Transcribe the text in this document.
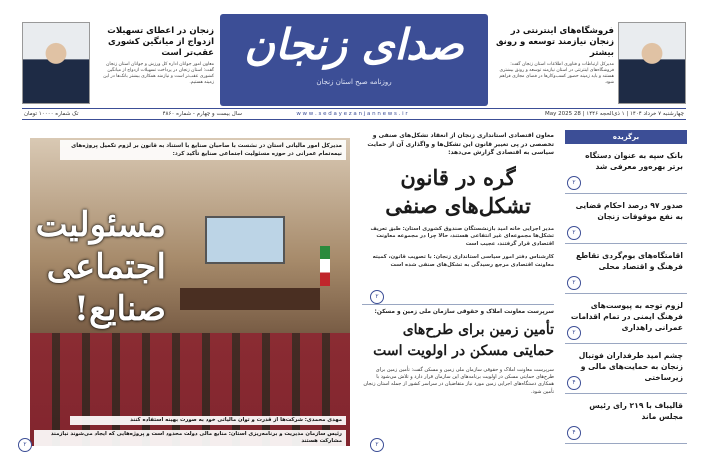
زنجان در اعطای تسهیلات ازدواج از میانگین کشوری عقب‌تر است
معاون امور جوانان اداره کل ورزش و جوانان استان زنجان گفت: استان زنجان در پرداخت تسهیلات ازدواج از میانگین کشوری عقب‌تر است و نیازمند همکاری بیشتر بانک‌ها در این زمینه هستیم.
صدای زنجان
روزنامه صبح استان زنجان
فروشگاه‌های اینترنتی در زنجان نیازمند توسعه و رونق بیشتر
مدیرکل ارتباطات و فناوری اطلاعات استان زنجان گفت: فروشگاه‌های اینترنتی در استان نیازمند توسعه و رونق بیشتری هستند و باید زمینه حضور کسب‌وکارها در فضای مجازی فراهم شود.
چهارشنبه ۷ خرداد ۱۴۰۴ | ۱ ذی‌الحجه ۱۴۴۶ | 28 May 2025
w w w . s e d a y e z a n j a n n e w s . i r
سال بیست و چهارم - شماره ۴۸۶۰
تک شماره ۱۰۰۰۰ تومان
مدیرکل امور مالیاتی استان در نشست با صاحبان صنایع با استناد به قانون بر لزوم تکمیل پروژه‌های نیمه‌تمام عمرانی در حوزه مسئولیت اجتماعی صنایع تأکید کرد:
مسئولیت اجتماعی صنایع!
مهدی محمدی: شرکت‌ها از قدرت و توان مالیاتی خود به صورت بهینه استفاده کنند
رئیس سازمان مدیریت و برنامه‌ریزی استان: منابع مالی دولت محدود است و پروژه‌هایی که ایجاد می‌شوند نیازمند مشارکت هستند
۲
معاون اقتصادی استانداری زنجان از انعقاد تشکل‌های صنفی و تخصصی در پی تغییر قانون این تشکل‌ها و واگذاری آن از حمایت سیاسی به اقتصادی گزارش می‌دهد:
گره در قانون تشکل‌های صنفی
مدیر اجرایی خانه امید بازنشستگان صندوق کشوری استان: طبق تعریف تشکل‌ها مجموعه‌ای غیر انتفاعی هستند، حالا چرا در مجموعه معاونت اقتصادی قرار گرفتند، عجیب است
کارشناس دفتر امور سیاسی استانداری زنجان: با تصویب قانون، کمیته معاونت اقتصادی مرجع رسیدگی به تشکل‌های صنفی شده است
۲
سرپرست معاونت املاک و حقوقی سازمان ملی زمین و مسکن:
تأمین زمین برای طرح‌های حمایتی مسکن در اولویت است
سرپرست معاونت املاک و حقوقی سازمان ملی زمین و مسکن گفت: تأمین زمین برای طرح‌های حمایتی مسکن در اولویت برنامه‌های این سازمان قرار دارد و تلاش می‌شود با همکاری دستگاه‌های اجرایی زمین مورد نیاز متقاضیان در سراسر کشور از جمله استان زنجان تأمین شود.
۲
برگزیده
بانک سپه به عنوان دستگاه برتر بهره‌ور معرفی شد
۲
صدور ۹۷ درصد احکام قضایی به نفع موقوفات زنجان
۲
اقامتگاه‌های بوم‌گردی تقاطع فرهنگ و اقتصاد محلی
۲
لزوم توجه به پیوست‌های فرهنگ ایمنی در تمام اقدامات عمرانی راهداری
۲
چشم امید طرفداران فوتبال زنجان به حمایت‌های مالی و زیرساختی
۴
قالیباف با ۲۱۹ رای رئیس مجلس ماند
۴
